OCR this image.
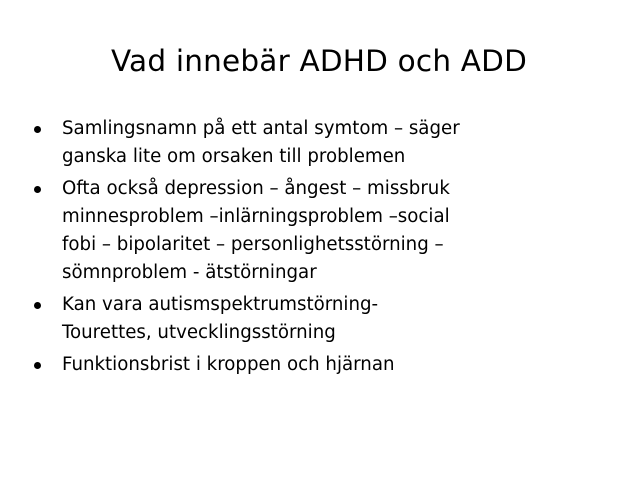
Vad innebär ADHD och ADD
Samlingsnamn på ett antal symtom – säger
ganska lite om orsaken till problemen
Ofta också depression – ångest – missbruk
minnesproblem –inlärningsproblem –social
fobi – bipolaritet – personlighetsstörning –
sömnproblem - ätstörningar
Kan vara autismspektrumstörning-
Tourettes, utvecklingsstörning
Funktionsbrist i kroppen och hjärnan
